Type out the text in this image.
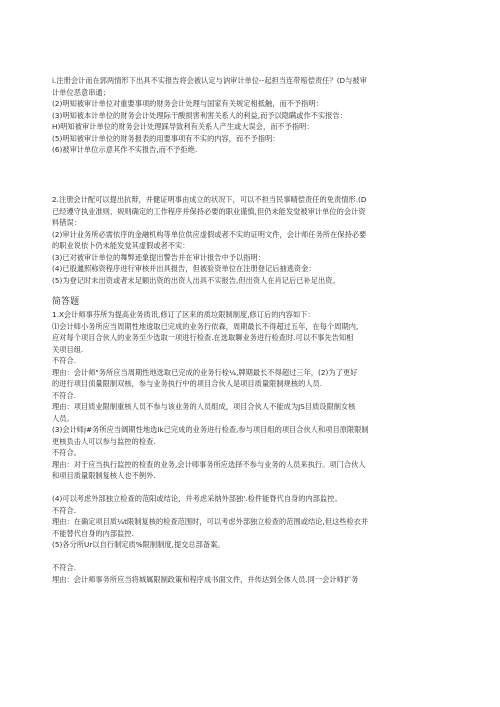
i.注册会计而在郭两情形下出具不实报告将会被认定与讷审计单位--起担当连带赔偿责任？(D与被审

计单位恶意串通；

(2)明知被审计单位对重要事项的财务会计处理与国家有关规定相抵触，而不予指明：

(3)明知被本计单位的财务会计处理际干酸损害利害关系人的利益,而予以隐瞒或作不实报告：

H)明知被审计单位的财务会计处理踩导致利有关系人产生或大误会，而不予指明：

(5)明知被审计单位的财务报表的用要事项有不实的内容，而不予指明：

(6)被审计单位示意其作不实报告,而不予拒绝.

2.注册会计配可以提出抗辩，并健证明事由成立的状况下，可以不担当民事晴偿责任的免责情形.(D

已经遵守执业准则、规则确定的工作程序并保持必要的职业谨慎,但仍未能发觉被审计单位的会计资

料错误：

(2)审计业务所必需依序的金融机构等单位供应虚假或者不实的证明文件，会计师任务所在保持必要

的职业说依卜仍未能发觉其虚假或者不实：

(3)已对被审计单位的舞弊迹象提出警告并在审计报告中予以指明：

(4)已殷邋照称资程序进行审核并出具报告，但被验资单位在注册登记后抽逃资金：

(5)为登记时未出资或者未足额出资的出资人出具不实报告,但出资人在肖记后已补足出资。

简答题

1.X会计师事芬所为提高业务质讯,修订了区来的质垃限制制度,修订后的内容如下：

⑴会计师小务所应当周期性地逡取已完成的业务行依森，周期最长不得超过五年，在每个周期内,

应对每个项目合伙人的业务至少选取一项进行检查.在选取聊业务进行检查时.可以不事先告知相

关项目组.

不符合.

理由：会计师"务所应当周期性地选取已完成的业务行栓¼,牌期最长不得超过三年，(2)为了更好

的进行项目侦量限制双核，参与业务执行中的项目合伙人是项目质量限制规核的人员.

不符合.

理由：项目质业限制重核人员不参与该业务的人员组成，项目合伙人不能成为JS目质设限制女核

人员。

(3)会计师j#务所应当阔期性地选Ik已完成的业务进行检查,参与项目组的项目合伙人和项目原限限制

更核负击人可以参与监控的检查.

不符合。

理由：对于应当执行监控的检查的业务,会计师事务所应选择不参与业务的人员来执行。项门合伙人

和项目质量限制复核人也不例外.

(4)可以考虑外部独立检查的范阳或结论，并考虑采纳外部独'.检件能脊代自身的内部监控。

不符合.

理由：在确定项目质¼t限制复核的检查范围时，可以考虑外部独立检查的范围或结论,但这些检衣并

不能替代自身的内部监控.

(5)各分所Ur以自行制定质%限制制度,提交总部备案。

不符合.

埋由：会计师事务所应当将城属限制政策和程序成书面文件，并传达到全体人员.同一会计师扩务
